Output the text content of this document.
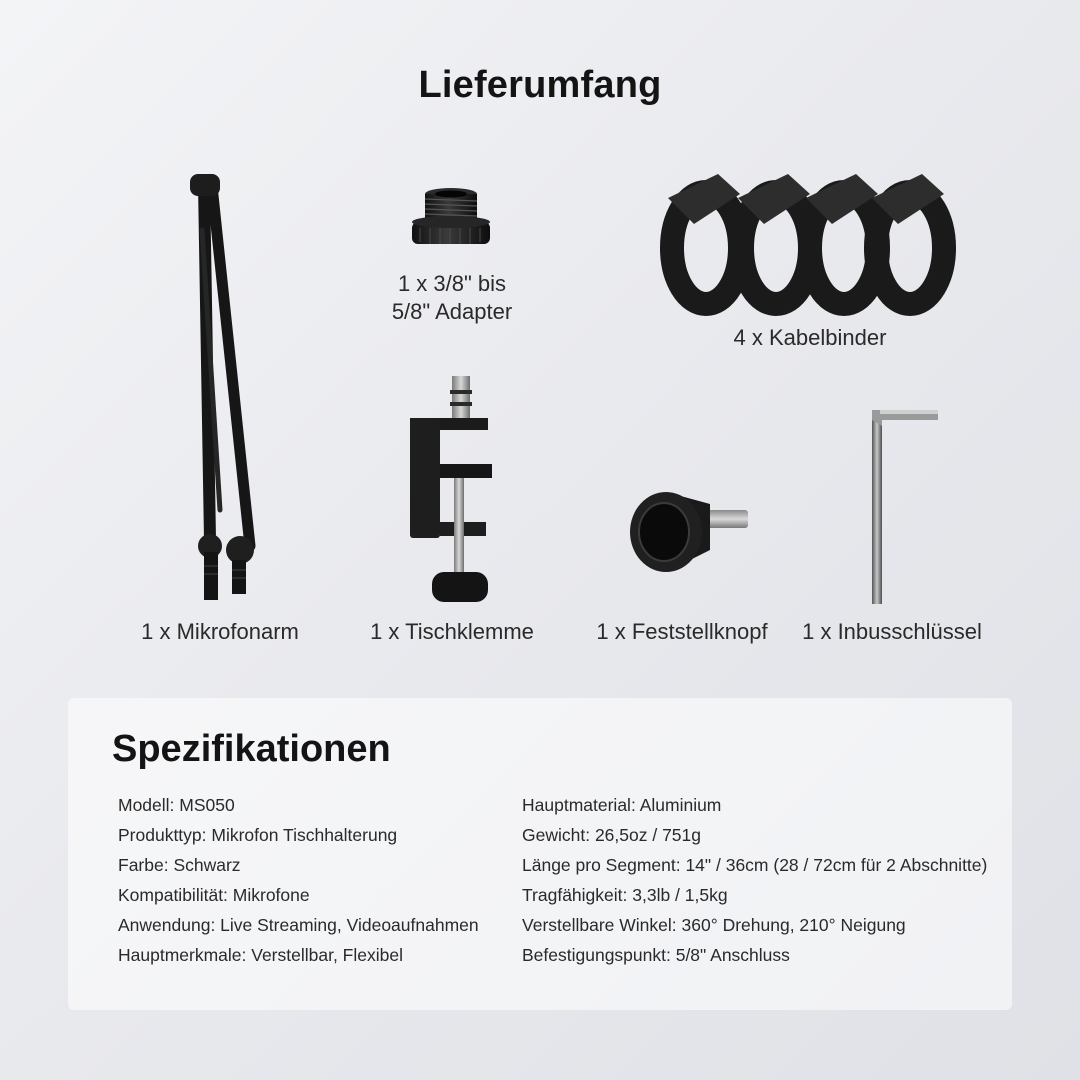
Lieferumfang
1 x 3/8" bis
5/8" Adapter
4 x Kabelbinder
1 x Mikrofonarm	1 x Tischklemme	1 x Feststellknopf	1 x Inbusschlüssel
Spezifikationen
Modell: MS050
Produkttyp: Mikrofon Tischhalterung
Farbe: Schwarz
Kompatibilität: Mikrofone
Anwendung: Live Streaming, Videoaufnahmen
Hauptmerkmale: Verstellbar, Flexibel
Hauptmaterial: Aluminium
Gewicht: 26,5oz / 751g
Länge pro Segment: 14" / 36cm (28 / 72cm für 2 Abschnitte)
Tragfähigkeit: 3,3lb / 1,5kg
Verstellbare Winkel: 360° Drehung, 210° Neigung
Befestigungspunkt: 5/8" Anschluss
